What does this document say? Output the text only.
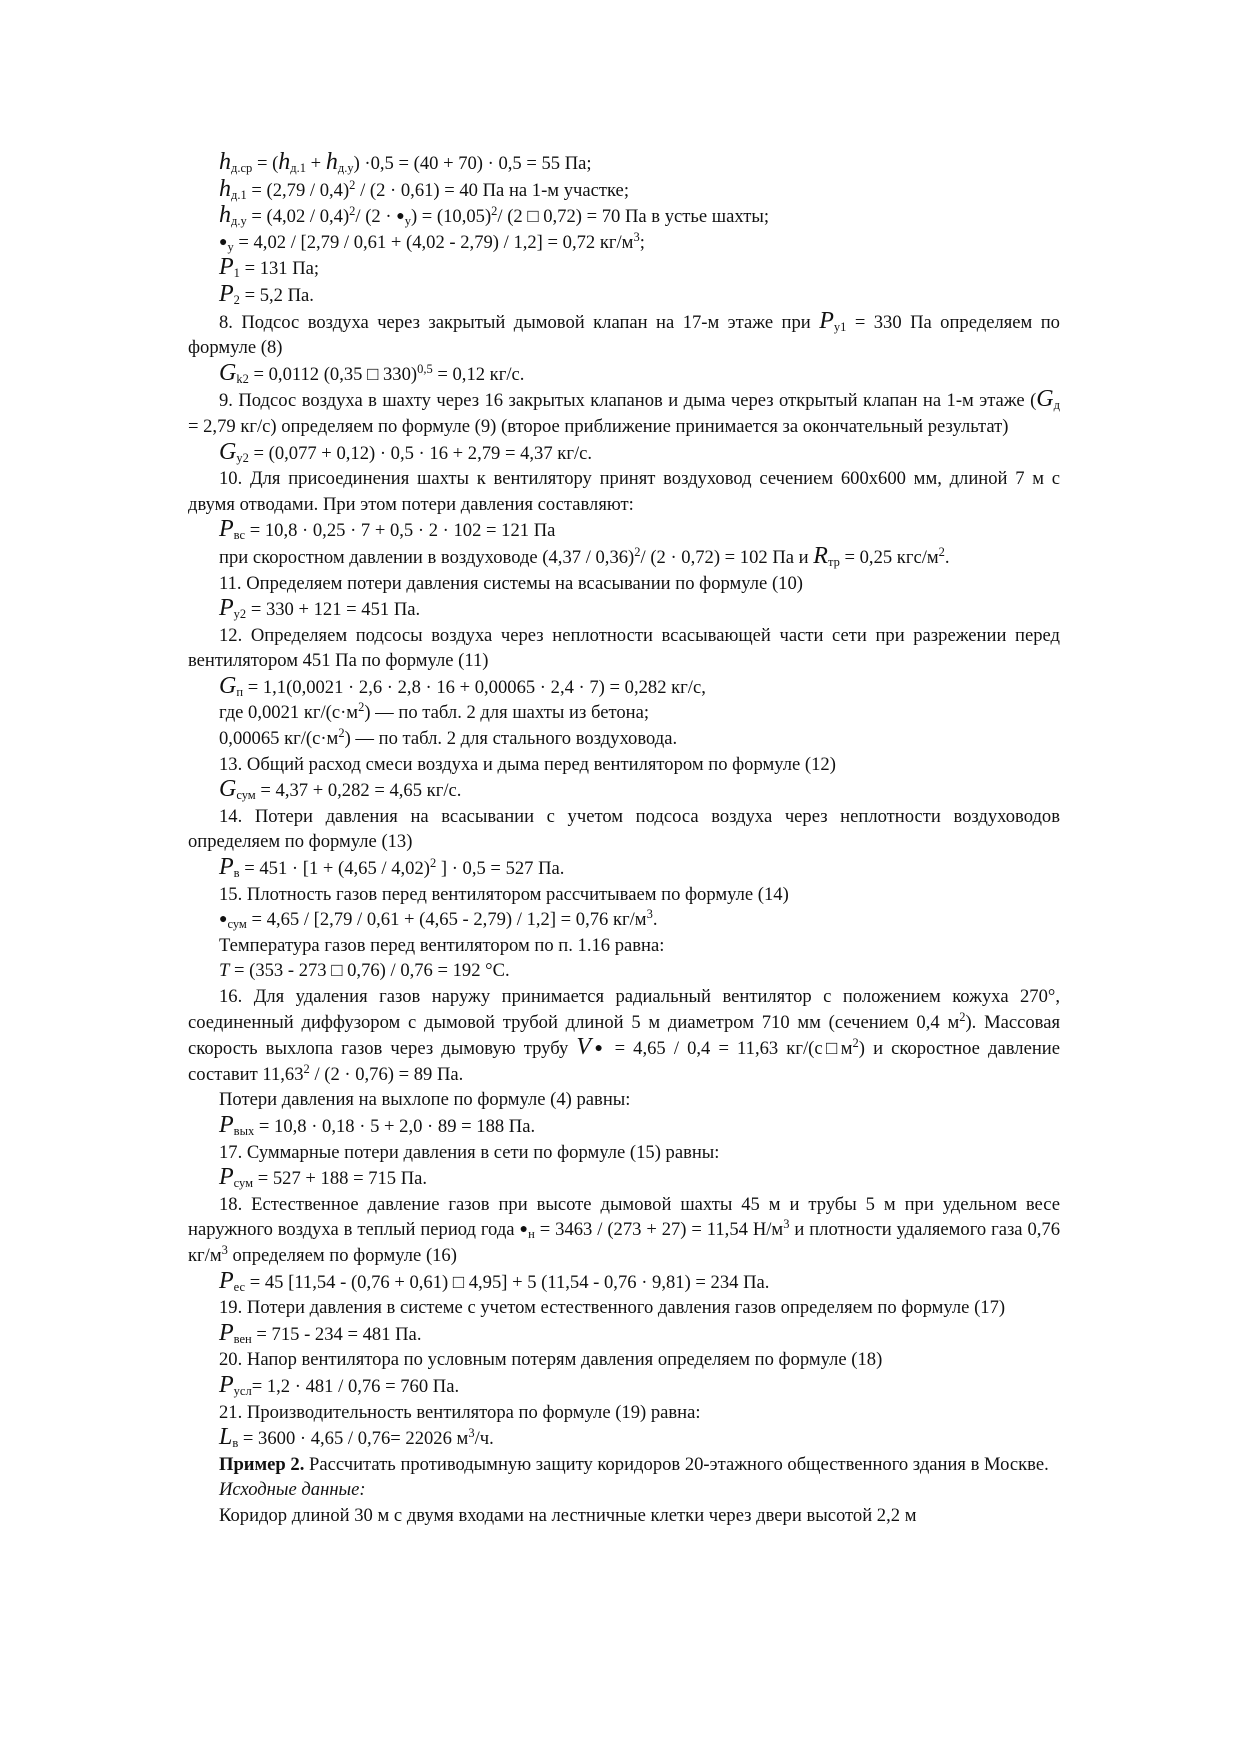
$h_{д.ср} = (h_{д.1} + h_{д.у}) \cdot 0,5 = (40 + 70) \cdot 0,5 = 55$ Па;

$h_{д.1} = (2,79 / 0,4)^2 / (2 \cdot 0,61) = 40$ Па на 1-м участке;

$h_{д.у} = (4,02 / 0,4)^2/$ $(2 \cdot ●_у) = (10,05)^2/$ (2 □ 0,72) = 70 Па в устье шахты;

$●_у = 4,02 / [2,79 / 0,61 + (4,02 - 2,79) / 1,2] = 0,72$ $кг/м^3$;

$P_1 = 131$ Па;

$P_2 = 5,2$ Па.

8. Подсос воздуха через закрытый дымовой клапан на 17-м этаже при $P_{у1} = 330$ Па определяем по формуле (8)

$G_{k2} = 0,0112$ (0,35 □ 330)$^{0,5}$ = 0,12 кг/с.

9. Подсос воздуха в шахту через 16 закрытых клапанов и дыма через открытый клапан на 1-м этаже ($G_д = 2,79$ кг/с) определяем по формуле (9) (второе приближение принимается за окончательный результат)

$G_{у2} = (0,077 + 0,12) \cdot 0,5 \cdot 16 + 2,79 = 4,37$ кг/с.

10. Для присоединения шахты к вентилятору принят воздуховод сечением 600х600 мм, длиной 7 м с двумя отводами. При этом потери давления составляют:

$P_{вс} = 10,8 \cdot 0,25 \cdot 7 + 0,5 \cdot 2 \cdot 102 = 121$ Па

при скоростном давлении в воздуховоде (4,37 / 0,36)$^2$/ (2 · 0,72) = 102 Па и $R_{тр} = 0,25$ кгс/$м^2$.

11. Определяем потери давления системы на всасывании по формуле (10)

$P_{у2} = 330 + 121 = 451$ Па.

12. Определяем подсосы воздуха через неплотности всасывающей части сети при разрежении перед вентилятором 451 Па по формуле (11)

$G_п = 1,1(0,0021 \cdot 2,6 \cdot 2,8 \cdot 16 + 0,00065 \cdot 2,4 \cdot 7) = 0,282$ кг/с,

где 0,0021 $кг/(с\cdot м^2)$ — по табл. 2 для шахты из бетона;

0,00065 $кг/(с\cdot м^2)$ — по табл. 2 для стального воздуховода.

13. Общий расход смеси воздуха и дыма перед вентилятором по формуле (12)

$G_{сум} = 4,37 + 0,282 = 4,65$ кг/с.

14. Потери давления на всасывании с учетом подсоса воздуха через неплотности воздуховодов определяем по формуле (13)

$P_в = 451 \cdot [1 + (4,65 / 4,02)^2$ ] · 0,5 = 527 Па.

15. Плотность газов перед вентилятором рассчитываем по формуле (14)

$●_{сум} = 4,65 / [2,79 / 0,61 + (4,65 - 2,79) / 1,2] = 0,76$ $кг/м^3$.

Температура газов перед вентилятором по п. 1.16 равна:

T = (353 - 273 □ 0,76) / 0,76 = 192 °С.

16. Для удаления газов наружу принимается радиальный вентилятор с положением кожуха 270°, соединенный диффузором с дымовой трубой длиной 5 м диаметром 710 мм (сечением 0,4 $м^2$). Массовая скорость выхлопа газов через дымовую трубу $V_● = 4,65 / 0,4 = 11,63$ $кг/(с□м^2)$ и скоростное давление составит 11,63$^2$ / (2 · 0,76) = 89 Па.

Потери давления на выхлопе по формуле (4) равны:

$P_{вых} = 10,8 \cdot 0,18 \cdot 5 + 2,0 \cdot 89 = 188$ Па.

17. Суммарные потери давления в сети по формуле (15) равны:

$P_{сум} = 527 + 188 = 715$ Па.

18. Естественное давление газов при высоте дымовой шахты 45 м и трубы 5 м при удельном весе наружного воздуха в теплый период года $●_н = 3463 / (273 + 27) = 11,54$ $Н/м^3$ и плотности удаляемого газа 0,76 $кг/м^3$ определяем по формуле (16)

$P_{ес} = 45$ [11,54 - (0,76 + 0,61) □ 4,95] + 5 (11,54 - 0,76 · 9,81) = 234 Па.

19. Потери давления в системе с учетом естественного давления газов определяем по формуле (17)

$P_{вен} = 715 - 234 = 481$ Па.

20. Напор вентилятора по условным потерям давления определяем по формуле (18)

$P_{усл}= 1,2 \cdot 481 / 0,76 = 760$ Па.

21. Производительность вентилятора по формуле (19) равна:

$L_в = 3600 \cdot 4,65 / 0,76= 22026$ $м^3/ч$.

Пример 2. Рассчитать противодымную защиту коридоров 20-этажного общественного здания в Москве.

Исходные данные:

Коридор длиной 30 м с двумя входами на лестничные клетки через двери высотой 2,2 м
